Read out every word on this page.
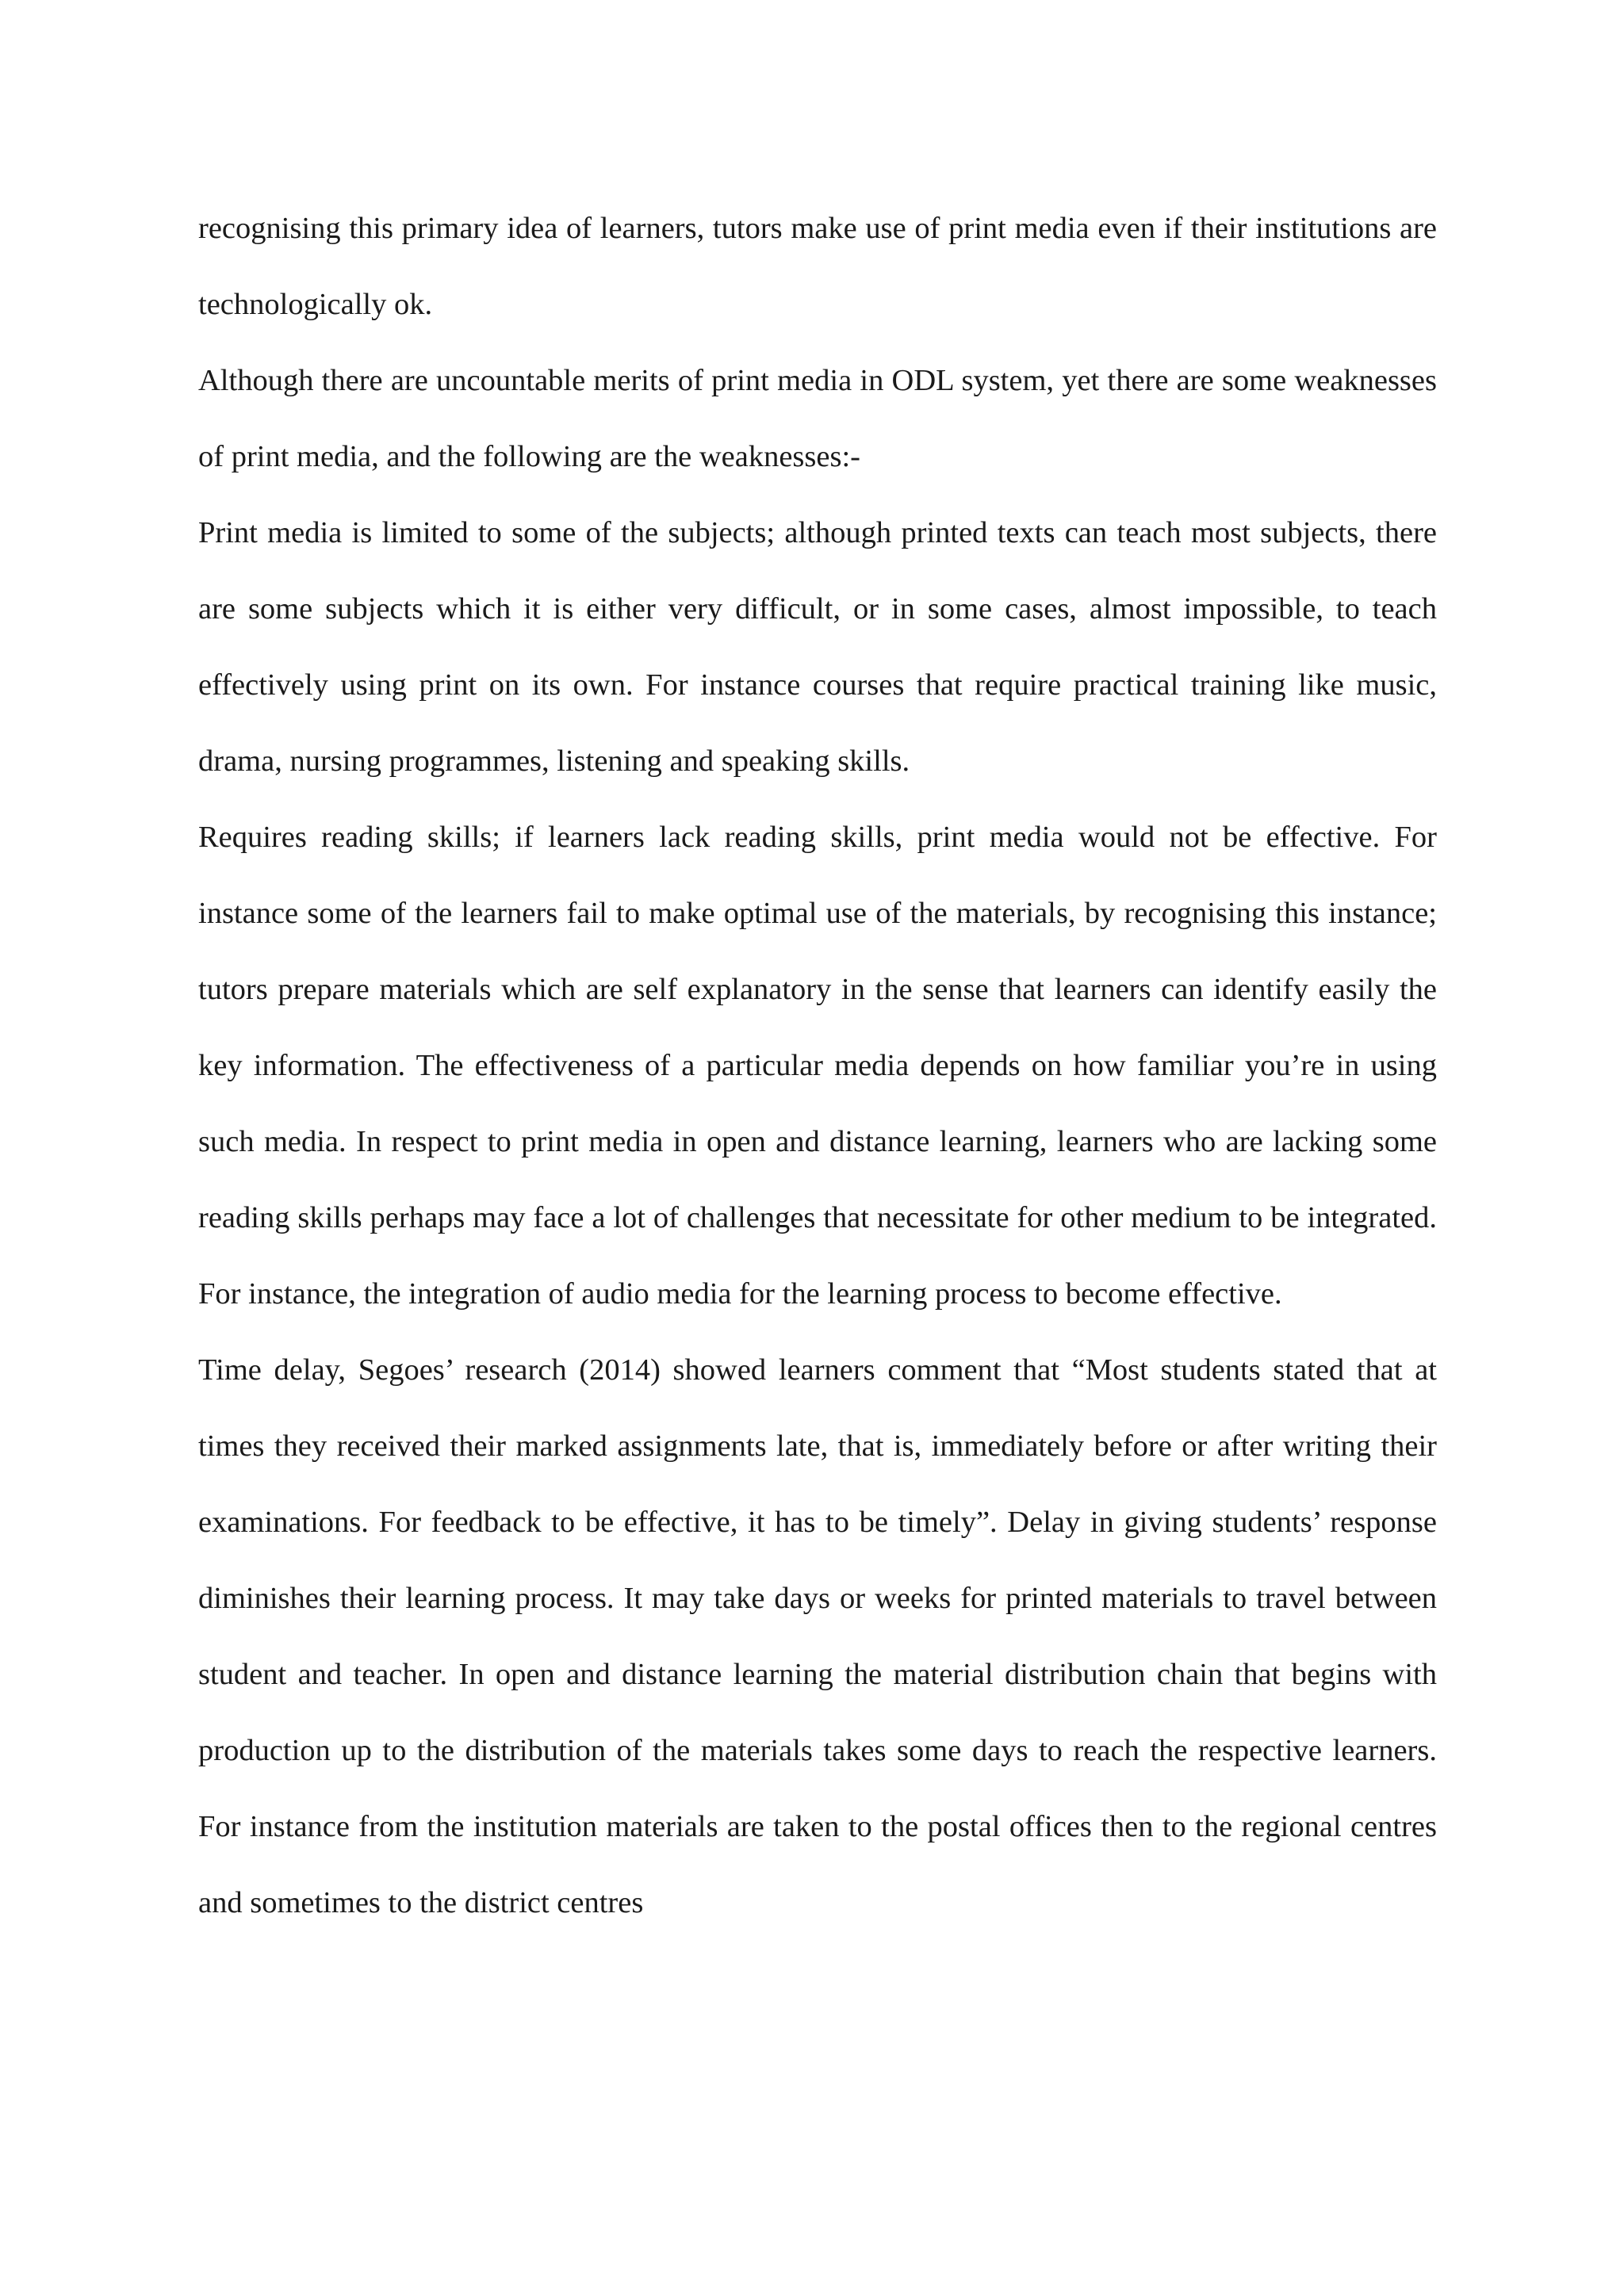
recognising this primary idea of learners, tutors make use of print media even if their institutions are technologically ok.

Although there are uncountable merits of print media in ODL system, yet there are some weaknesses of print media, and the following are the weaknesses:-

Print media is limited to some of the subjects; although printed texts can teach most subjects, there are some subjects which it is either very difficult, or in some cases, almost impossible, to teach effectively using print on its own. For instance courses that require practical training like music, drama, nursing programmes, listening and speaking skills.

Requires reading skills; if learners lack reading skills, print media would not be effective. For instance some of the learners fail to make optimal use of the materials, by recognising this instance; tutors prepare materials which are self explanatory in the sense that learners can identify easily the key information. The effectiveness of a particular media depends on how familiar you’re in using such media. In respect to print media in open and distance learning, learners who are lacking some reading skills perhaps may face a lot of challenges that necessitate for other medium to be integrated. For instance, the integration of audio media for the learning process to become effective.

Time delay, Segoes’ research (2014) showed learners comment that “Most students stated that at times they received their marked assignments late, that is, immediately before or after writing their examinations. For feedback to be effective, it has to be timely”. Delay in giving students’ response diminishes their learning process. It may take days or weeks for printed materials to travel between student and teacher. In open and distance learning the material distribution chain that begins with production up to the distribution of the materials takes some days to reach the respective learners. For instance from the institution materials are taken to the postal offices then to the regional centres and sometimes to the district centres
